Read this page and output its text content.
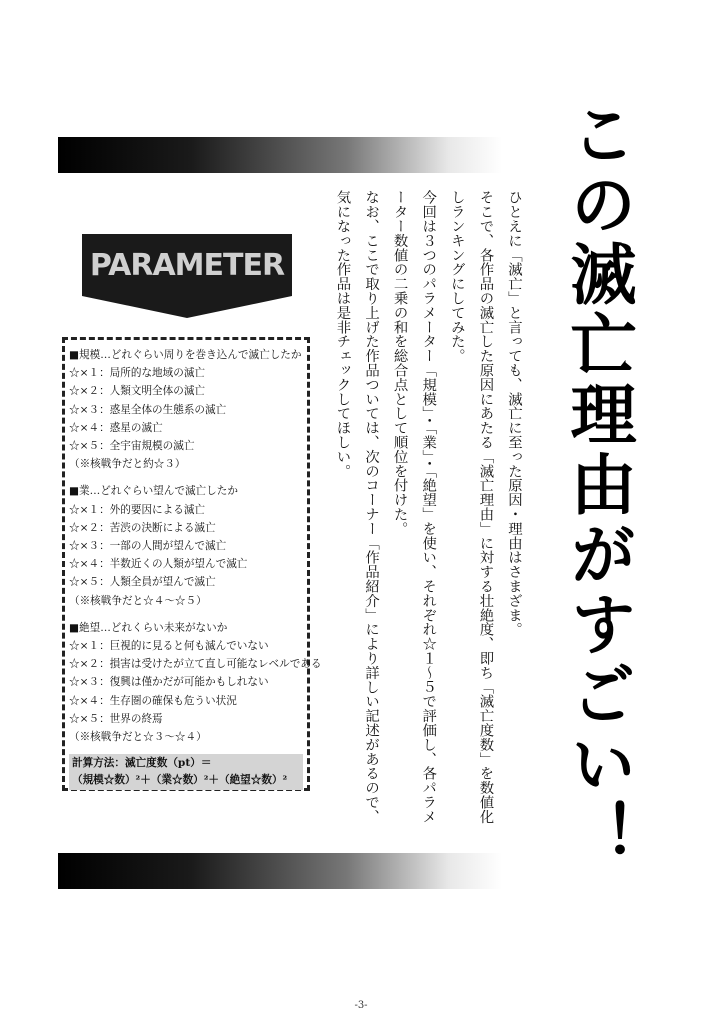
この滅亡理由がすごい！

ひとえに「滅亡」と言っても、滅亡に至った原因・理由はさまざま。

そこで、各作品の滅亡した原因にあたる「滅亡理由」に対する壮絶度、即ち「滅亡度数」を数値化しランキングにしてみた。

今回は３つのパラメーター「規模」・「業」・「絶望」を使い、それぞれ☆１～５で評価し、各パラメーター数値の二乗の和を総合点として順位を付けた。

なお、ここで取り上げた作品ついては、次のコーナー「作品紹介」により詳しい記述があるので、気になった作品は是非チェックしてほしい。

PARAMETER
■規模…どれぐらい周りを巻き込んで滅亡したか
☆×１：局所的な地域の滅亡
☆×２：人類文明全体の滅亡
☆×３：惑星全体の生態系の滅亡
☆×４：惑星の滅亡
☆×５：全宇宙規模の滅亡
（※核戦争だと約☆３）
■業…どれぐらい望んで滅亡したか
☆×１：外的要因による滅亡
☆×２：苦渋の決断による滅亡
☆×３：一部の人間が望んで滅亡
☆×４：半数近くの人類が望んで滅亡
☆×５：人類全員が望んで滅亡
（※核戦争だと☆４～☆５）
■絶望…どれくらい未来がないか
☆×１：巨視的に見ると何も滅んでいない
☆×２：損害は受けたが立て直し可能なレベルである
☆×３：復興は僅かだが可能かもしれない
☆×４：生存圏の確保も危うい状況
☆×５：世界の終焉
（※核戦争だと☆３～☆４）
計算方法：滅亡度数（pt）＝
（規模☆数）²＋（業☆数）²＋（絶望☆数）²
-3-
